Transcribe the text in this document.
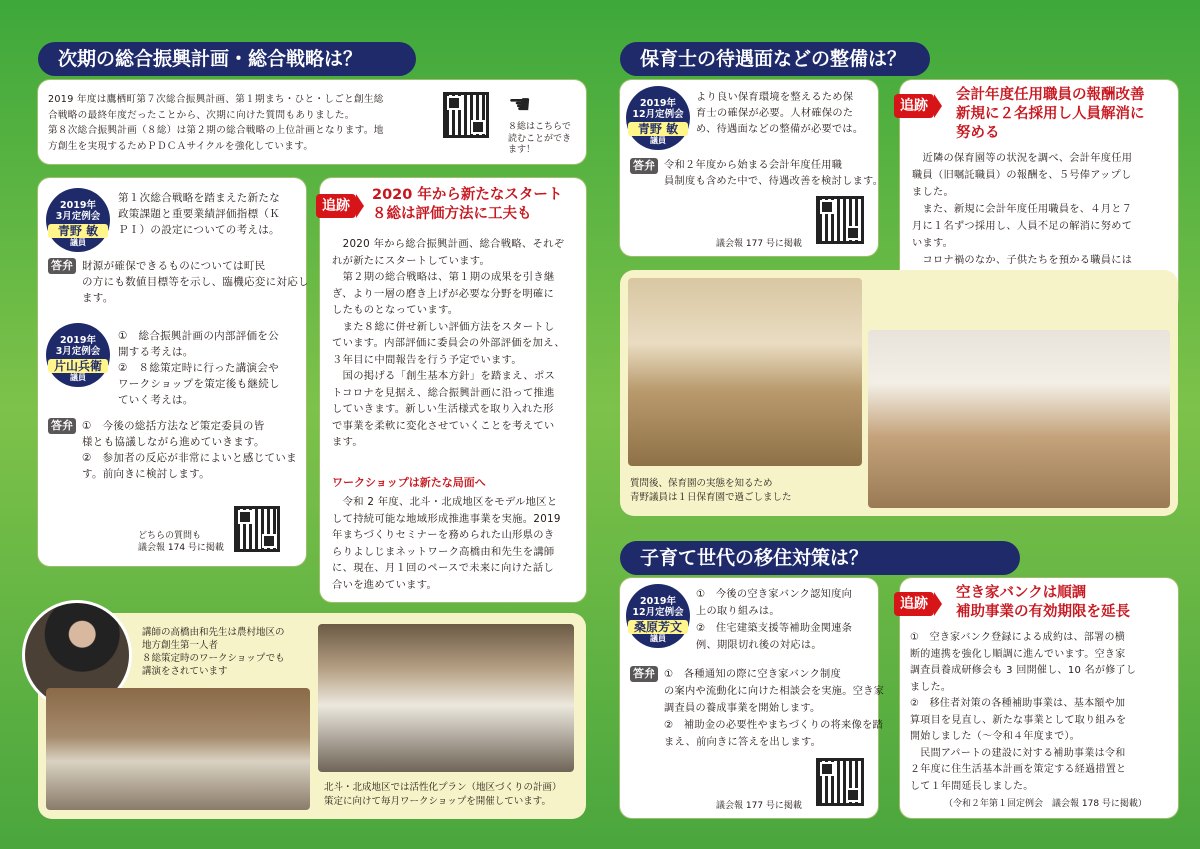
次期の総合振興計画・総合戦略は？	保育士の待遇面などの整備は？
子育て世代の移住対策は？
2019 年度は鷹栖町第７次総合振興計画、第１期まち・ひと・しごと創生総
合戦略の最終年度だったことから、次期に向けた質問もありました。
第８次総合振興計画（８総）は第２期の総合戦略の上位計画となります。地
方創生を実現するためＰＤＣＡサイクルを強化しています。
☚
８総はこちらで
読むことができ
ます！
2019年
3月定例会
青野 敏
議員
第１次総合戦略を踏まえた新たな
政策課題と重要業績評価指標（Ｋ
ＰＩ）の設定についての考えは。
答弁 財源が確保できるものについては町民
の方にも数値目標等を示し、臨機応変に対応し
ます。
2019年
3月定例会
片山兵衛
議員
①　総合振興計画の内部評価を公
開する考えは。
②　８総策定時に行った講演会や
ワークショップを策定後も継続し
ていく考えは。
答弁 ①　今後の総括方法など策定委員の皆
様とも協議しながら進めていきます。
②　参加者の反応が非常によいと感じていま
す。前向きに検討します。
どちらの質問も
議会報 174 号に掲載
追跡
2020 年から新たなスタート
８総は評価方法に工夫も
　2020 年から総合振興計画、総合戦略、それぞ
れが新たにスタートしています。
　第２期の総合戦略は、第１期の成果を引き継
ぎ、より一層の磨き上げが必要な分野を明確に
したものとなっています。
　また８総に併せ新しい評価方法をスタートし
ています。内部評価に委員会の外部評価を加え、
３年目に中間報告を行う予定でいます。
　国の掲げる「創生基本方針」を踏まえ、ポス
トコロナを見据え、総合振興計画に沿って推進
していきます。新しい生活様式を取り入れた形
で事業を柔軟に変化させていくことを考えてい
ます。
ワークショップは新たな局面へ
　令和 2 年度、北斗・北成地区をモデル地区と
して持続可能な地域形成推進事業を実施。2019
年まちづくりセミナーを務められた山形県のき
らりよしじまネットワーク高橋由和先生を講師
に、現在、月１回のペースで未来に向けた話し
合いを進めています。
講師の高橋由和先生は農村地区の
地方創生第一人者
８総策定時のワークショップでも
講演をされています
北斗・北成地区では活性化プラン（地区づくりの計画）
策定に向けて毎月ワークショップを開催しています。
2019年
12月定例会
青野 敏
議員
より良い保育環境を整えるため保
育士の確保が必要。人材確保のた
め、待遇面などの整備が必要では。
答弁 令和２年度から始まる会計年度任用職
員制度も含めた中で、待遇改善を検討します。
議会報 177 号に掲載
追跡
会計年度任用職員の報酬改善
新規に２名採用し人員解消に
努める
　近隣の保育園等の状況を調べ、会計年度任用
職員（旧嘱託職員）の報酬を、５号俸アップし
ました。
　また、新規に会計年度任用職員を、４月と７
月に１名ずつ採用し、人員不足の解消に努めて
います。
　コロナ禍のなか、子供たちを預かる職員には

質問後、保育園の実態を知るため
青野議員は１日保育園で過ごしました
2019年
12月定例会
桑原芳文
議員
①　今後の空き家バンク認知度向
上の取り組みは。
②　住宅建築支援等補助金関連条
例、期限切れ後の対応は。
答弁 ①　各種通知の際に空き家バンク制度
の案内や流動化に向けた相談会を実施。空き家
調査員の養成事業を開始します。
②　補助金の必要性やまちづくりの将来像を踏
まえ、前向きに答えを出します。
議会報 177 号に掲載
追跡
空き家バンクは順調
補助事業の有効期限を延長
①　空き家バンク登録による成約は、部署の横
断的連携を強化し順調に進んでいます。空き家
調査員養成研修会も 3 回開催し、10 名が修了し
ました。
②　移住者対策の各種補助事業は、基本額や加
算項目を見直し、新たな事業として取り組みを
開始しました（～令和４年度まで）。
　民間アパートの建設に対する補助事業は令和
２年度に住生活基本計画を策定する経過措置と
して１年間延長しました。
（令和２年第１回定例会　議会報 178 号に掲載）
